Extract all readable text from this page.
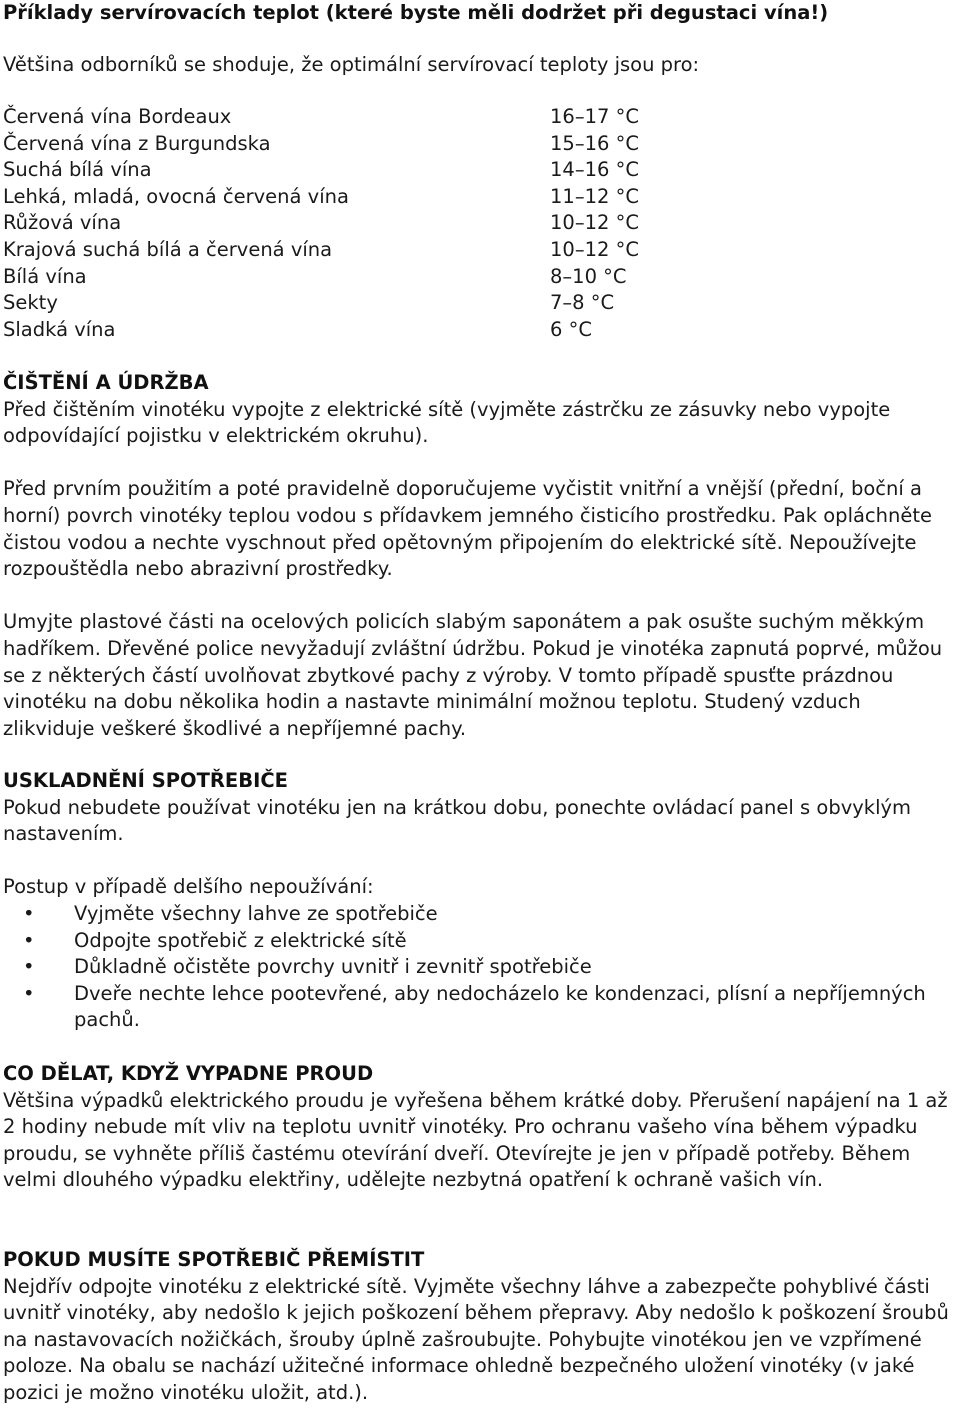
Příklady servírovacích teplot (které byste měli dodržet při degustaci vína!)

Většina odborníků se shoduje, že optimální servírovací teploty jsou pro:

Červená vína Bordeaux	16–17 °C
Červená vína z Burgundska	15–16 °C
Suchá bílá vína	14–16 °C
Lehká, mladá, ovocná červená vína	11–12 °C
Růžová vína	10–12 °C
Krajová suchá bílá a červená vína	10–12 °C
Bílá vína	8–10 °C
Sekty	7–8 °C
Sladká vína	6 °C
ČIŠTĚNÍ A ÚDRŽBA

Před čištěním vinotéku vypojte z elektrické sítě (vyjměte zástrčku ze zásuvky nebo vypojte odpovídající pojistku v elektrickém okruhu).

Před prvním použitím a poté pravidelně doporučujeme vyčistit vnitřní a vnější (přední, boční a horní) povrch vinotéky teplou vodou s přídavkem jemného čisticího prostředku. Pak opláchněte čistou vodou a nechte vyschnout před opětovným připojením do elektrické sítě. Nepoužívejte rozpouštědla nebo abrazivní prostředky.

Umyjte plastové části na ocelových policích slabým saponátem a pak osušte suchým měkkým hadříkem. Dřevěné police nevyžadují zvláštní údržbu. Pokud je vinotéka zapnutá poprvé, můžou se z některých částí uvolňovat zbytkové pachy z výroby. V tomto případě spusťte prázdnou vinotéku na dobu několika hodin a nastavte minimální možnou teplotu. Studený vzduch zlikviduje veškeré škodlivé a nepříjemné pachy.

USKLADNĚNÍ SPOTŘEBIČE

Pokud nebudete používat vinotéku jen na krátkou dobu, ponechte ovládací panel s obvyklým nastavením.

Postup v případě delšího nepoužívání:

• Vyjměte všechny lahve ze spotřebiče
• Odpojte spotřebič z elektrické sítě
• Důkladně očistěte povrchy uvnitř i zevnitř spotřebiče
• Dveře nechte lehce pootevřené, aby nedocházelo ke kondenzaci, plísní a nepříjemných pachů.
CO DĚLAT, KDYŽ VYPADNE PROUD

Většina výpadků elektrického proudu je vyřešena během krátké doby. Přerušení napájení na 1 až 2 hodiny nebude mít vliv na teplotu uvnitř vinotéky. Pro ochranu vašeho vína během výpadku proudu, se vyhněte příliš častému otevírání dveří. Otevírejte je jen v případě potřeby. Během velmi dlouhého výpadku elektřiny, udělejte nezbytná opatření k ochraně vašich vín.

POKUD MUSÍTE SPOTŘEBIČ PŘEMÍSTIT

Nejdřív odpojte vinotéku z elektrické sítě. Vyjměte všechny láhve a zabezpečte pohyblivé části uvnitř vinotéky, aby nedošlo k jejich poškození během přepravy. Aby nedošlo k poškození šroubů na nastavovacích nožičkách, šrouby úplně zašroubujte. Pohybujte vinotékou jen ve vzpřímené poloze. Na obalu se nachází užitečné informace ohledně bezpečného uložení vinotéky (v jaké pozici je možno vinotéku uložit, atd.).
